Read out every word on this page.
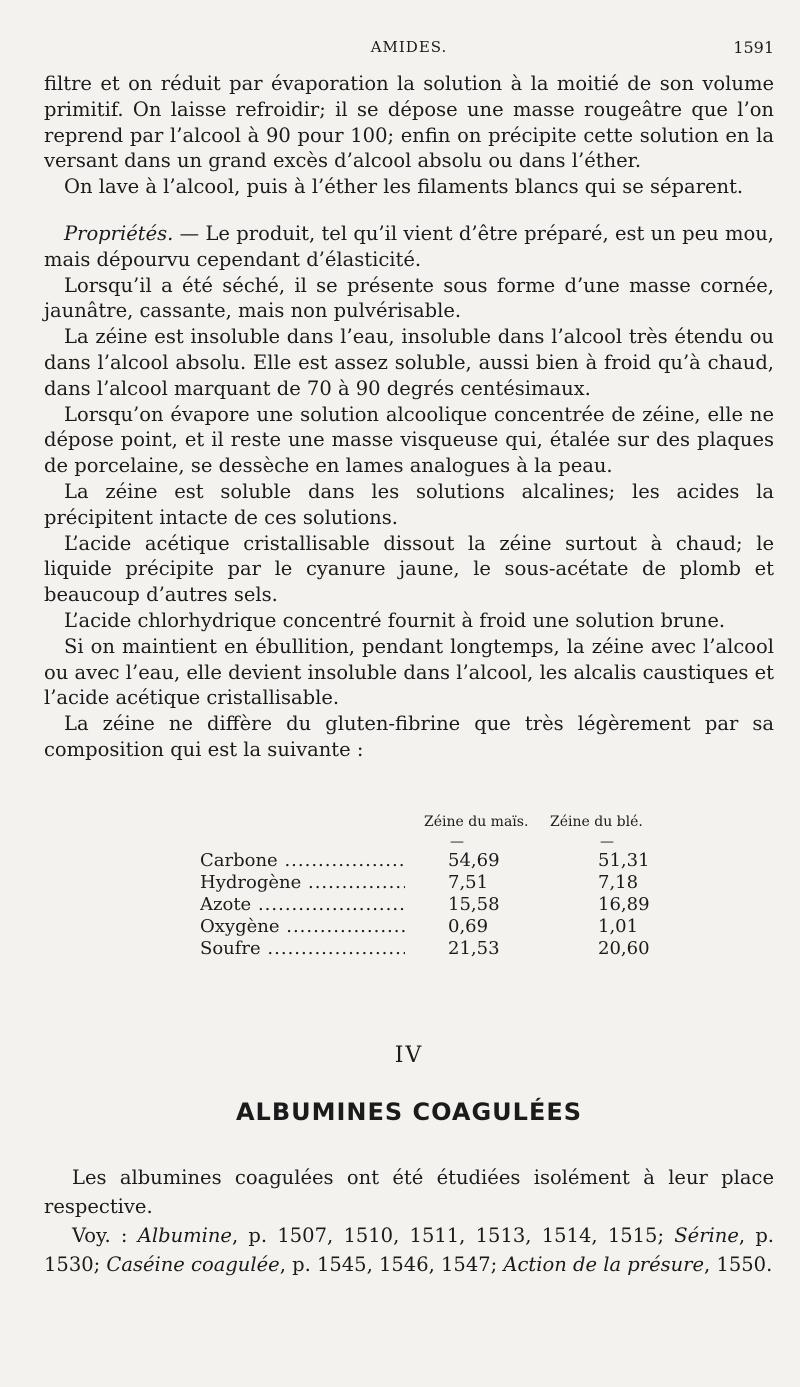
AMIDES.	1591

filtre et on réduit par évaporation la solution à la moitié de son volume primitif. On laisse refroidir; il se dépose une masse rougeâtre que l’on reprend par l’alcool à 90 pour 100; enfin on précipite cette solution en la versant dans un grand excès d’alcool absolu ou dans l’éther.

On lave à l’alcool, puis à l’éther les filaments blancs qui se séparent.

Propriétés. — Le produit, tel qu’il vient d’être préparé, est un peu mou, mais dépourvu cependant d’élasticité.

Lorsqu’il a été séché, il se présente sous forme d’une masse cornée, jaunâtre, cassante, mais non pulvérisable.

La zéine est insoluble dans l’eau, insoluble dans l’alcool très étendu ou dans l’alcool absolu. Elle est assez soluble, aussi bien à froid qu’à chaud, dans l’alcool marquant de 70 à 90 degrés centésimaux.

Lorsqu’on évapore une solution alcoolique concentrée de zéine, elle ne dépose point, et il reste une masse visqueuse qui, étalée sur des plaques de porcelaine, se dessèche en lames analogues à la peau.

La zéine est soluble dans les solutions alcalines; les acides la précipitent intacte de ces solutions.

L’acide acétique cristallisable dissout la zéine surtout à chaud; le liquide précipite par le cyanure jaune, le sous-acétate de plomb et beaucoup d’autres sels.

L’acide chlorhydrique concentré fournit à froid une solution brune.

Si on maintient en ébullition, pendant longtemps, la zéine avec l’alcool ou avec l’eau, elle devient insoluble dans l’alcool, les alcalis caustiques et l’acide acétique cristallisable.

La zéine ne diffère du gluten-fibrine que très légèrement par sa composition qui est la suivante :

Zéine du maïs. Zéine du blé.
—	—
Carbone .....	54,69	51,31
Hydrogène .....	7,51	7,18
Azote .....	15,58	16,89
Oxygène .....	0,69	1,01
Soufre .....	21,53	20,60
IV
ALBUMINES COAGULÉES

Les albumines coagulées ont été étudiées isolément à leur place respective.

Voy. : Albumine, p. 1507, 1510, 1511, 1513, 1514, 1515; Sérine, p. 1530; Caséine coagulée, p. 1545, 1546, 1547; Action de la présure, 1550.
